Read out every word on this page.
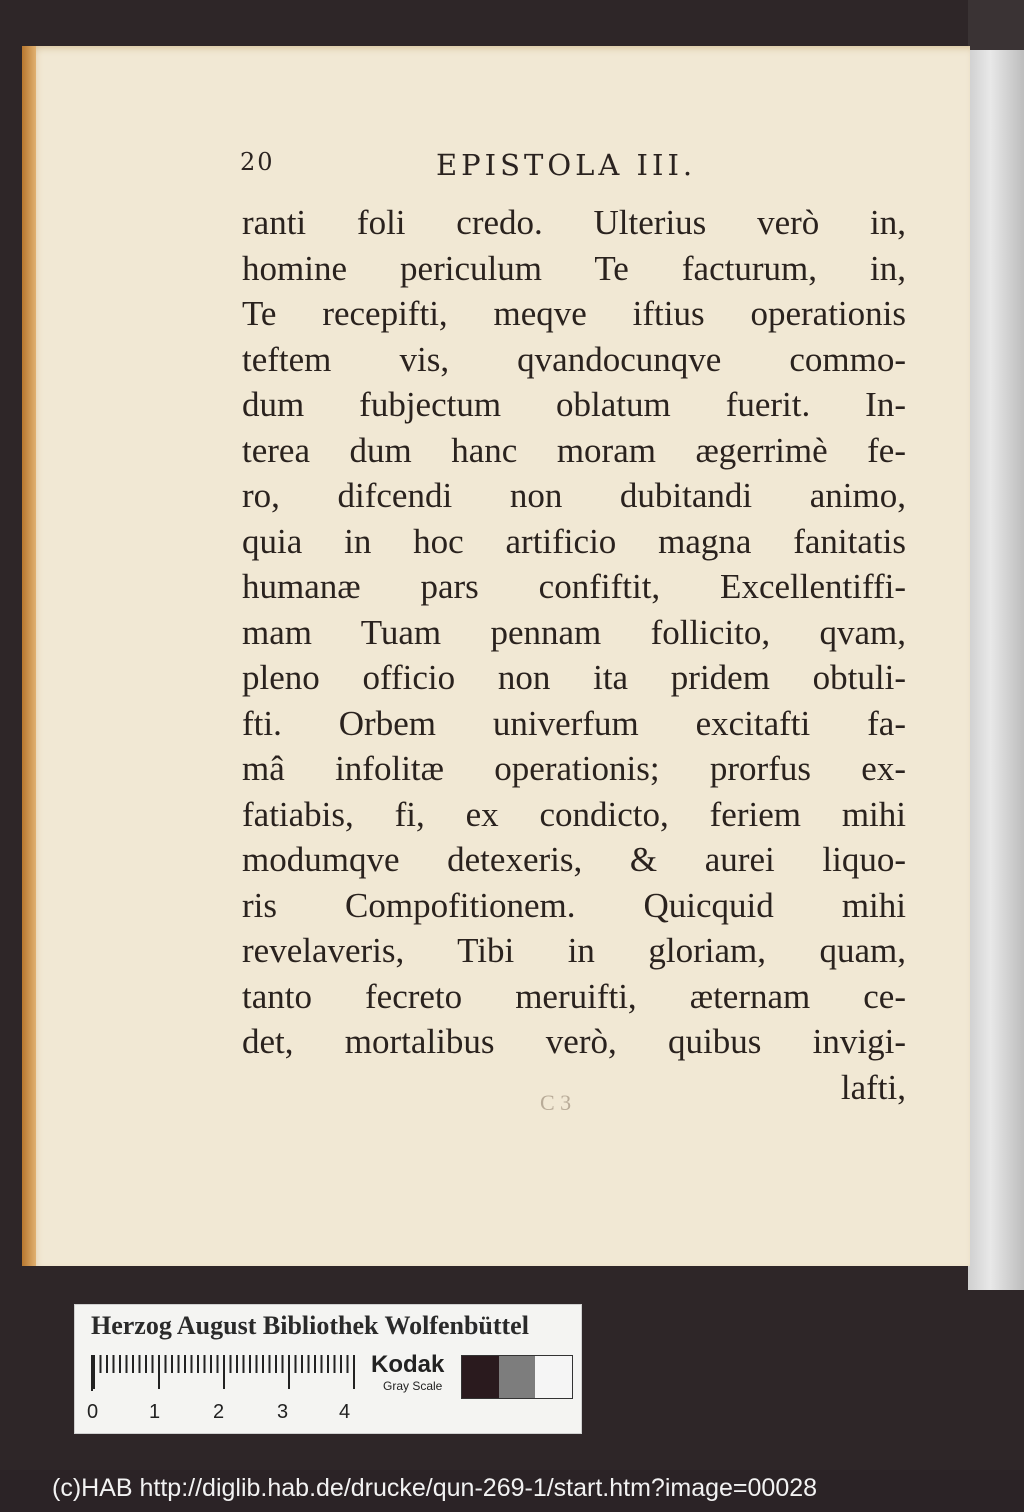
20	EPISTOLA III.
ranti foli credo. Ulterius verò in,
homine periculum Te facturum, in,
Te recepifti, meqve iftius operationis
teftem vis, qvandocunqve commo-
dum fubjectum oblatum fuerit. In-
terea dum hanc moram ægerrimè fe-
ro, difcendi non dubitandi animo,
quia in hoc artificio magna fanitatis
humanæ pars confiftit, Excellentiffi-
mam Tuam pennam follicito, qvam,
pleno officio non ita pridem obtuli-
fti. Orbem univerfum excitafti fa-
mâ infolitæ operationis; prorfus ex-
fatiabis, fi, ex condicto, feriem mihi
modumqve detexeris, & aurei liquo-
ris Compofitionem. Quicquid mihi
revelaveris, Tibi in gloriam, quam,
tanto fecreto meruifti, æternam ce-
det, mortalibus verò, quibus invigi-
lafti,
C 3
Herzog August Bibliothek Wolfenbüttel
0	1	2	3	4
Kodak
Gray Scale
(c)HAB http://diglib.hab.de/drucke/qun-269-1/start.htm?image=00028
